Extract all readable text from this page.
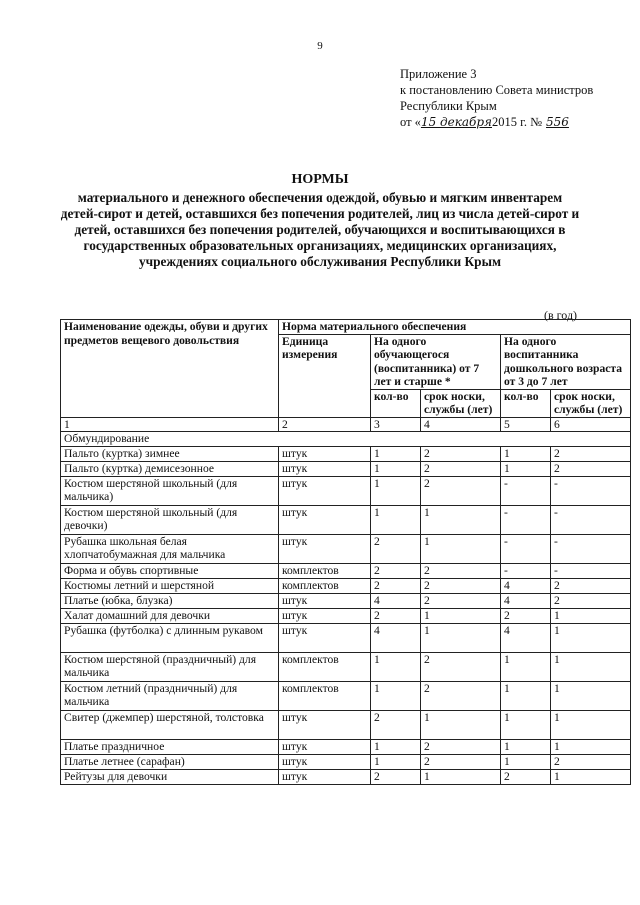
9
Приложение 3
к постановлению Совета министров
Республики Крым
от «15 декабря2015 г. № 556
НОРМЫ
материального и денежного обеспечения одеждой, обувью и мягким инвентарем детей-сирот и детей, оставшихся без попечения родителей, лиц из числа детей-сирот и детей, оставшихся без попечения родителей, обучающихся и воспитывающихся в государственных образовательных организациях, медицинских организациях, учреждениях социального обслуживания Республики Крым
(в год)
Наименование одежды, обуви и других предметов вещевого довольствия	Норма материального обеспечения				
	Единица измерения	На одного обучающегося (воспитанника) от 7 лет и старше *		На одного воспитанника дошкольного возраста от 3 до 7 лет	
		кол-во	срок носки, службы (лет)	кол-во	срок носки, службы (лет)
1	2	3	4	5	6
Обмундирование					
Пальто (куртка) зимнее	штук	1	2	1	2
Пальто (куртка) демисезонное	штук	1	2	1	2
Костюм шерстяной школьный (для мальчика)	штук	1	2	-	-
Костюм шерстяной школьный (для девочки)	штук	1	1	-	-
Рубашка школьная белая хлопчатобумажная для мальчика	штук	2	1	-	-
Форма и обувь спортивные	комплектов	2	2	-	-
Костюмы летний и шерстяной	комплектов	2	2	4	2
Платье (юбка, блузка)	штук	4	2	4	2
Халат домашний для девочки	штук	2	1	2	1
Рубашка (футболка) с длинным рукавом	штук	4	1	4	1
Костюм шерстяной (праздничный) для мальчика	комплектов	1	2	1	1
Костюм летний (праздничный) для мальчика	комплектов	1	2	1	1
Свитер (джемпер) шерстяной, толстовка	штук	2	1	1	1
Платье праздничное	штук	1	2	1	1
Платье летнее (сарафан)	штук	1	2	1	2
Рейтузы для девочки	штук	2	1	2	1
